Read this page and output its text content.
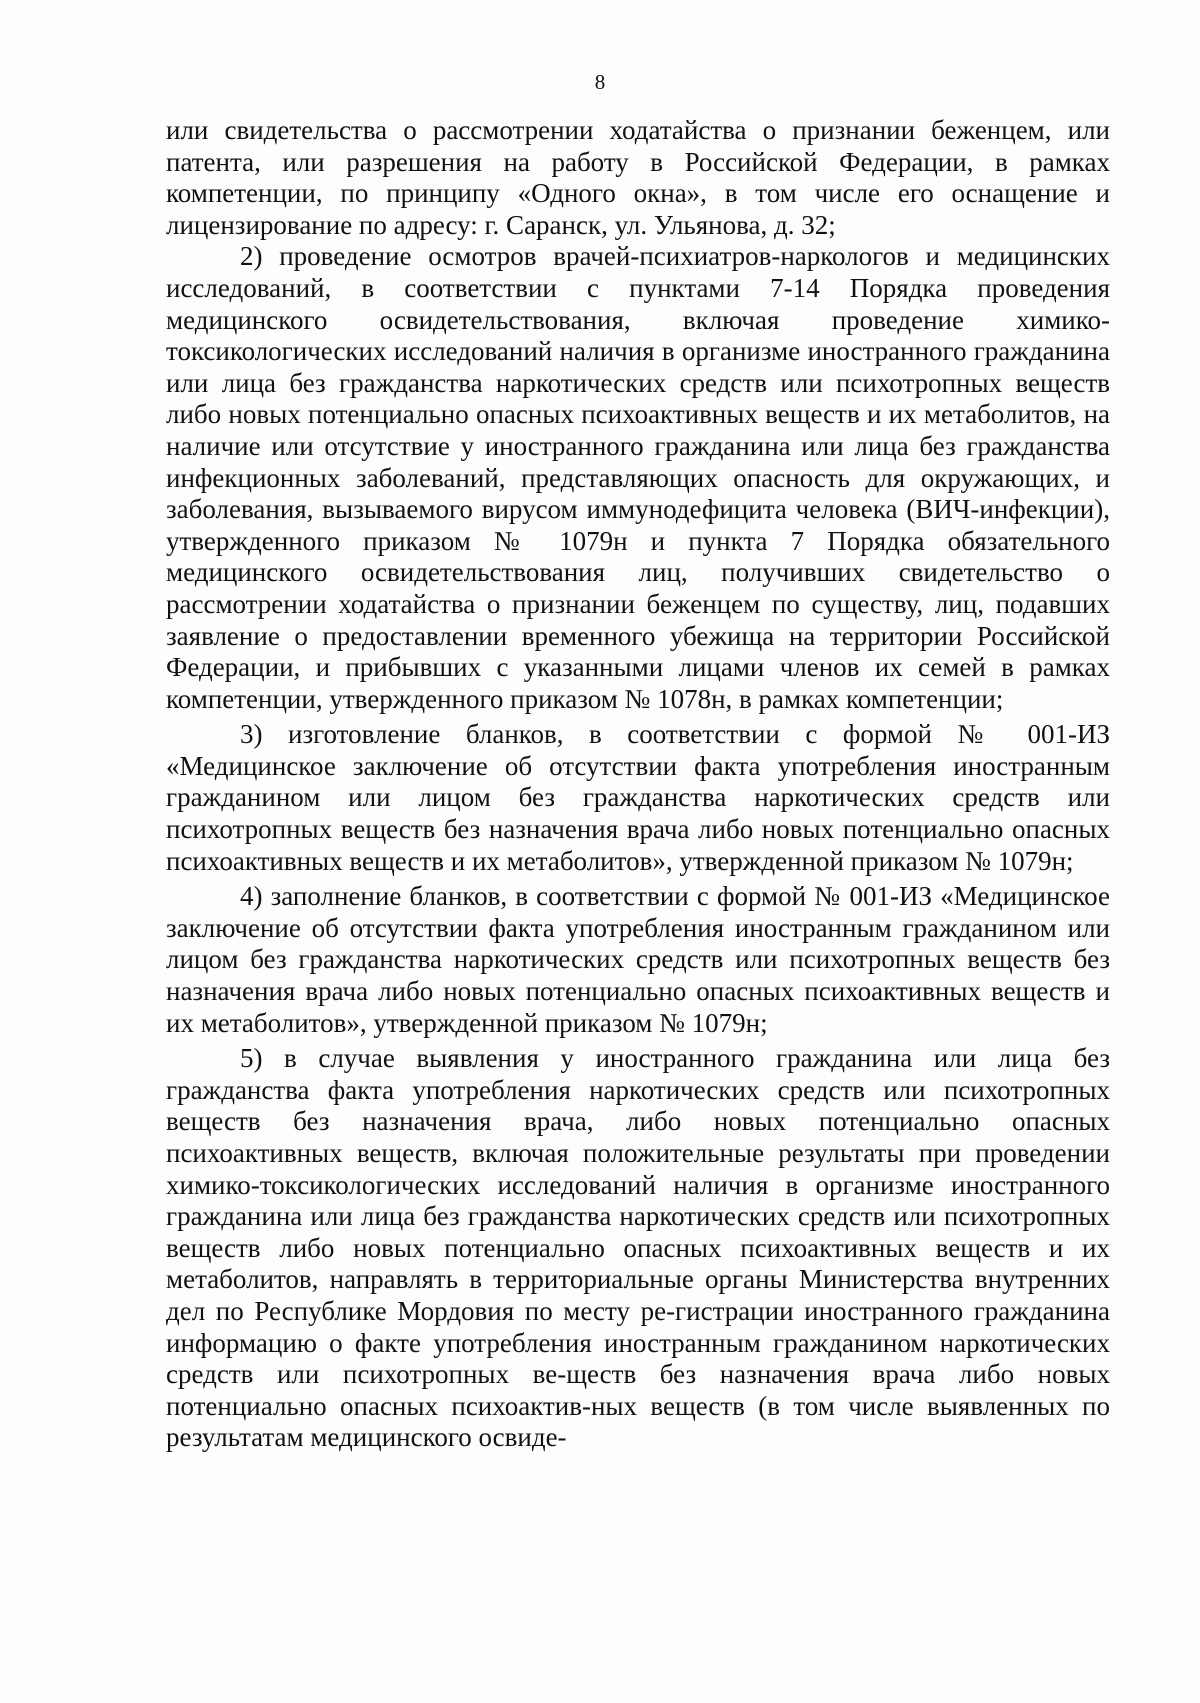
8

или свидетельства о рассмотрении ходатайства о признании беженцем, или патента, или разрешения на работу в Российской Федерации, в рамках компетенции, по принципу «Одного окна», в том числе его оснащение и лицензирование по адресу: г. Саранск, ул. Ульянова, д. 32;

2) проведение осмотров врачей-психиатров-наркологов и медицинских исследований, в соответствии с пунктами 7-14 Порядка проведения медицинского освидетельствования, включая проведение химико-токсикологических исследований наличия в организме иностранного гражданина или лица без гражданства наркотических средств или психотропных веществ либо новых потенциально опасных психоактивных веществ и их метаболитов, на наличие или отсутствие у иностранного гражданина или лица без гражданства инфекционных заболеваний, представляющих опасность для окружающих, и заболевания, вызываемого вирусом иммунодефицита человека (ВИЧ-инфекции), утвержденного приказом № 1079н и пункта 7 Порядка обязательного медицинского освидетельствования лиц, получивших свидетельство о рассмотрении ходатайства о признании беженцем по существу, лиц, подавших заявление о предоставлении временного убежища на территории Российской Федерации, и прибывших с указанными лицами членов их семей в рамках компетенции, утвержденного приказом № 1078н, в рамках компетенции;

3) изготовление бланков, в соответствии с формой № 001-ИЗ «Медицинское заключение об отсутствии факта употребления иностранным гражданином или лицом без гражданства наркотических средств или психотропных веществ без назначения врача либо новых потенциально опасных психоактивных веществ и их метаболитов», утвержденной приказом № 1079н;

4) заполнение бланков, в соответствии с формой № 001-ИЗ «Медицинское заключение об отсутствии факта употребления иностранным гражданином или лицом без гражданства наркотических средств или психотропных веществ без назначения врача либо новых потенциально опасных психоактивных веществ и их метаболитов», утвержденной приказом № 1079н;

5) в случае выявления у иностранного гражданина или лица без гражданства факта употребления наркотических средств или психотропных веществ без назначения врача, либо новых потенциально опасных психоактивных веществ, включая положительные результаты при проведении химико-токсикологических исследований наличия в организме иностранного гражданина или лица без гражданства наркотических средств или психотропных веществ либо новых потенциально опасных психоактивных веществ и их метаболитов, направлять в территориальные органы Министерства внутренних дел по Республике Мордовия по месту ре-гистрации иностранного гражданина информацию о факте употребления иностранным гражданином наркотических средств или психотропных ве-ществ без назначения врача либо новых потенциально опасных психоактив-ных веществ (в том числе выявленных по результатам медицинского освиде-
